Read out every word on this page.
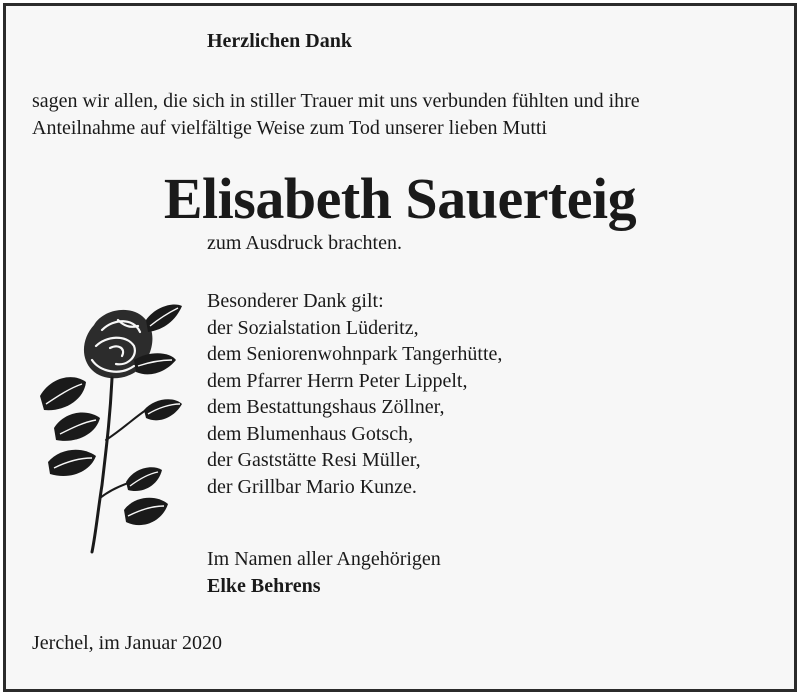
Herzlichen Dank
sagen wir allen, die sich in stiller Trauer mit uns verbunden fühlten und ihre
Anteilnahme auf vielfältige Weise zum Tod unserer lieben Mutti
Elisabeth Sauerteig
zum Ausdruck brachten.
Besonderer Dank gilt:
der Sozialstation Lüderitz,
dem Seniorenwohnpark Tangerhütte,
dem Pfarrer Herrn Peter Lippelt,
dem Bestattungshaus Zöllner,
dem Blumenhaus Gotsch,
der Gaststätte Resi Müller,
der Grillbar Mario Kunze.
Im Namen aller Angehörigen
Elke Behrens
Jerchel, im Januar 2020
